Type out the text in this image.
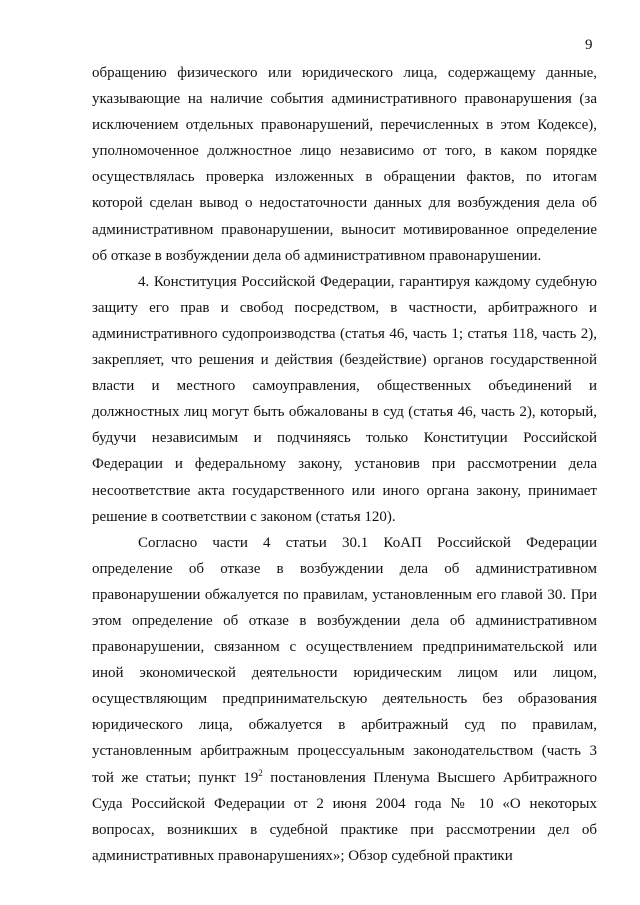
9

обращению физического или юридического лица, содержащему данные, указывающие на наличие события административного правонарушения (за исключением отдельных правонарушений, перечисленных в этом Кодексе), уполномоченное должностное лицо независимо от того, в каком порядке осуществлялась проверка изложенных в обращении фактов, по итогам которой сделан вывод о недостаточности данных для возбуждения дела об административном правонарушении, выносит мотивированное определение об отказе в возбуждении дела об административном правонарушении.

4. Конституция Российской Федерации, гарантируя каждому судебную защиту его прав и свобод посредством, в частности, арбитражного и административного судопроизводства (статья 46, часть 1; статья 118, часть 2), закрепляет, что решения и действия (бездействие) органов государственной власти и местного самоуправления, общественных объединений и должностных лиц могут быть обжалованы в суд (статья 46, часть 2), который, будучи независимым и подчиняясь только Конституции Российской Федерации и федеральному закону, установив при рассмотрении дела несоответствие акта государственного или иного органа закону, принимает решение в соответствии с законом (статья 120).

Согласно части 4 статьи 30.1 КоАП Российской Федерации определение об отказе в возбуждении дела об административном правонарушении обжалуется по правилам, установленным его главой 30. При этом определение об отказе в возбуждении дела об административном правонарушении, связанном с осуществлением предпринимательской или иной экономической деятельности юридическим лицом или лицом, осуществляющим предпринимательскую деятельность без образования юридического лица, обжалуется в арбитражный суд по правилам, установленным арбитражным процессуальным законодательством (часть 3 той же статьи; пункт $19^2$ постановления Пленума Высшего Арбитражного Суда Российской Федерации от 2 июня 2004 года № 10 «О некоторых вопросах, возникших в судебной практике при рассмотрении дел об административных правонарушениях»; Обзор судебной практики
